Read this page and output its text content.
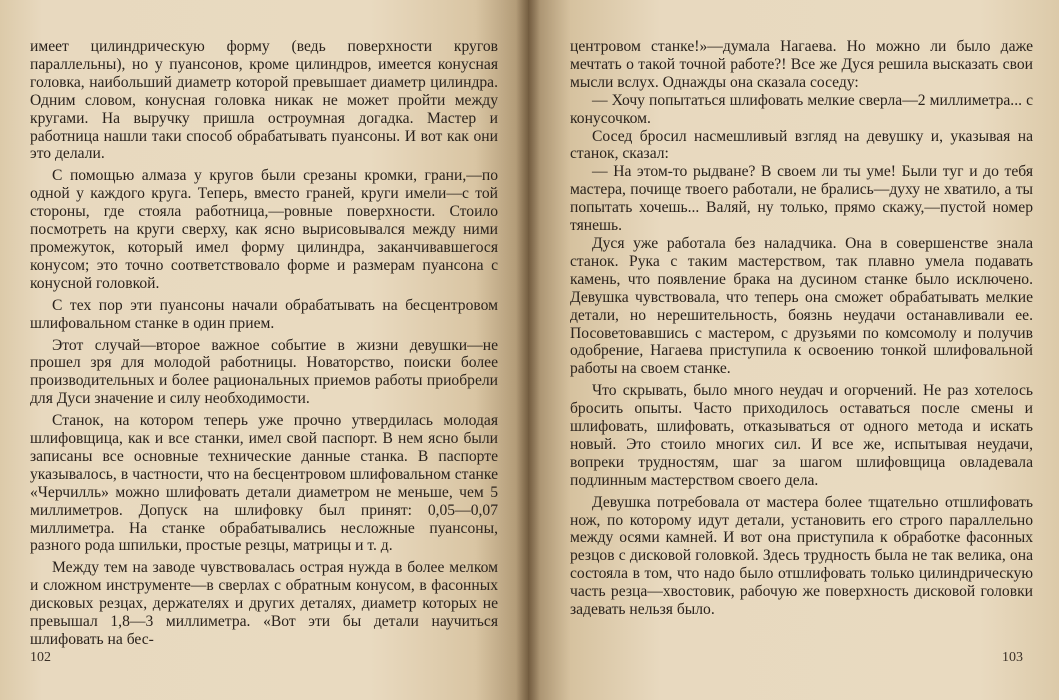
имеет цилиндрическую форму (ведь поверхности кругов параллельны), но у пуансонов, кроме цилиндров, имеется конусная головка, наибольший диаметр которой превышает диаметр цилиндра. Одним словом, конусная головка никак не может пройти между кругами. На выручку пришла остроумная догадка. Мастер и работница нашли таки способ обрабатывать пуансоны. И вот как они это делали.

С помощью алмаза у кругов были срезаны кромки, грани,—по одной у каждого круга. Теперь, вместо граней, круги имели—с той стороны, где стояла работница,—ровные поверхности. Стоило посмотреть на круги сверху, как ясно вырисовывался между ними промежуток, который имел форму цилиндра, заканчивавшегося конусом; это точно соответствовало форме и размерам пуансона с конусной головкой.

С тех пор эти пуансоны начали обрабатывать на бесцентровом шлифовальном станке в один прием.

Этот случай—второе важное событие в жизни девушки—не прошел зря для молодой работницы. Новаторство, поиски более производительных и более рациональных приемов работы приобрели для Дуси значение и силу необходимости.

Станок, на котором теперь уже прочно утвердилась молодая шлифовщица, как и все станки, имел свой паспорт. В нем ясно были записаны все основные технические данные станка. В паспорте указывалось, в частности, что на бесцентровом шлифовальном станке «Черчилль» можно шлифовать детали диаметром не меньше, чем 5 миллиметров. Допуск на шлифовку был принят: 0,05—0,07 миллиметра. На станке обрабатывались несложные пуансоны, разного рода шпильки, простые резцы, матрицы и т. д.

Между тем на заводе чувствовалась острая нужда в более мелком и сложном инструменте—в сверлах с обратным конусом, в фасонных дисковых резцах, держателях и других деталях, диаметр которых не превышал 1,8—3 миллиметра. «Вот эти бы детали научиться шлифовать на бес-

102

центровом станке!»—думала Нагаева. Но можно ли было даже мечтать о такой точной работе?! Все же Дуся решила высказать свои мысли вслух. Однажды она сказала соседу:

— Хочу попытаться шлифовать мелкие сверла—2 миллиметра... с конусочком.

Сосед бросил насмешливый взгляд на девушку и, указывая на станок, сказал:

— На этом-то рыдване? В своем ли ты уме! Были туг и до тебя мастера, почище твоего работали, не брались—духу не хватило, а ты попытать хочешь... Валяй, ну только, прямо скажу,—пустой номер тянешь.

Дуся уже работала без наладчика. Она в совершенстве знала станок. Рука с таким мастерством, так плавно умела подавать камень, что появление брака на дусином станке было исключено. Девушка чувствовала, что теперь она сможет обрабатывать мелкие детали, но нерешительность, боязнь неудачи останавливали ее. Посоветовавшись с мастером, с друзьями по комсомолу и получив одобрение, Нагаева приступила к освоению тонкой шлифовальной работы на своем станке.

Что скрывать, было много неудач и огорчений. Не раз хотелось бросить опыты. Часто приходилось оставаться после смены и шлифовать, шлифовать, отказываться от одного метода и искать новый. Это стоило многих сил. И все же, испытывая неудачи, вопреки трудностям, шаг за шагом шлифовщица овладевала подлинным мастерством своего дела.

Девушка потребовала от мастера более тщательно отшлифовать нож, по которому идут детали, установить его строго параллельно между осями камней. И вот она приступила к обработке фасонных резцов с дисковой головкой. Здесь трудность была не так велика, она состояла в том, что надо было отшлифовать только цилиндрическую часть резца—хвостовик, рабочую же поверхность дисковой головки задевать нельзя было.

103
